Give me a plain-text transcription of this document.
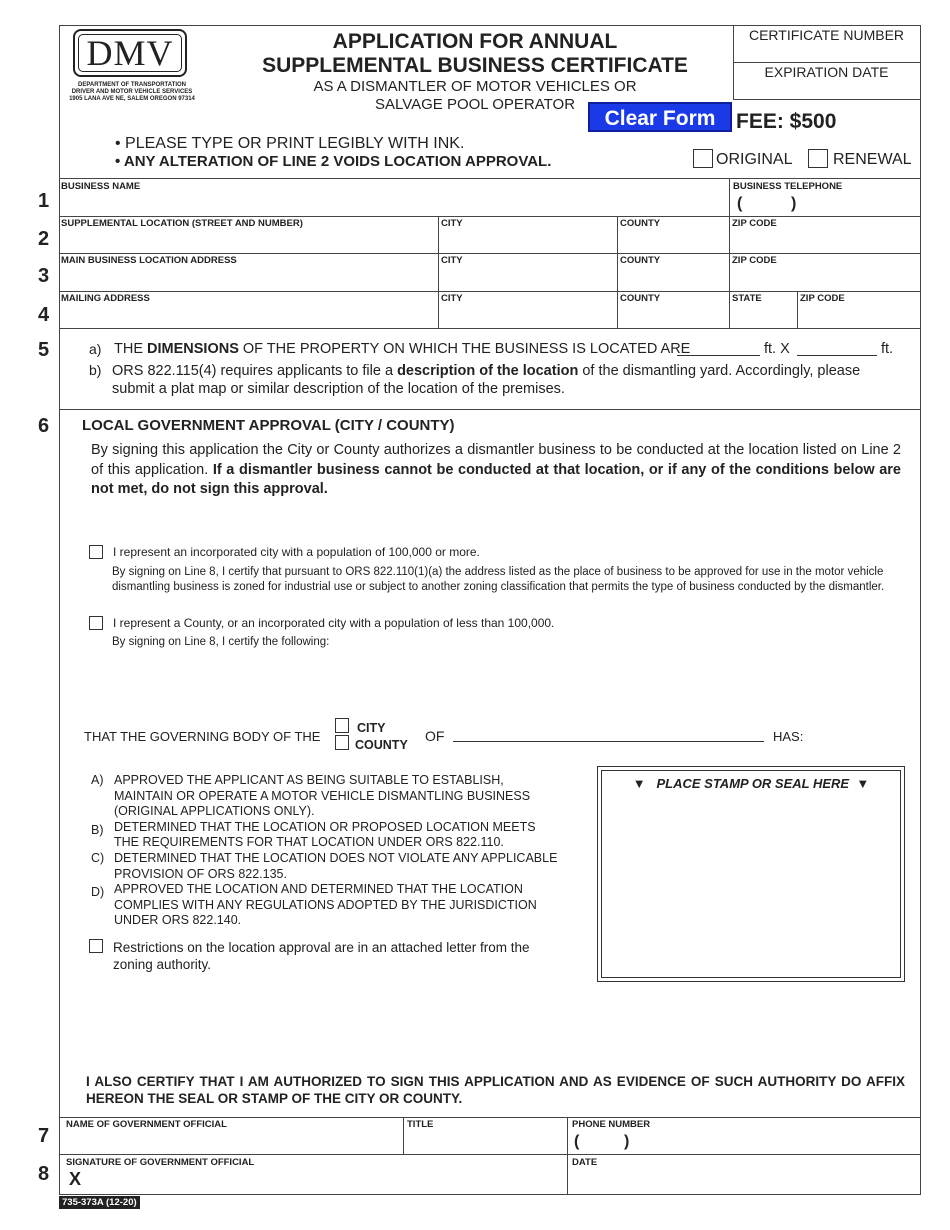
DMV
DEPARTMENT OF TRANSPORTATION
DRIVER AND MOTOR VEHICLE SERVICES
1905 LANA AVE NE, SALEM OREGON 97314
APPLICATION FOR ANNUAL
SUPPLEMENTAL BUSINESS CERTIFICATE
AS A DISMANTLER OF MOTOR VEHICLES OR
SALVAGE POOL OPERATOR
Clear Form
CERTIFICATE NUMBER
EXPIRATION DATE
FEE: $500
• PLEASE TYPE OR PRINT LEGIBLY WITH INK.
• ANY ALTERATION OF LINE 2 VOIDS LOCATION APPROVAL.	ORIGINAL	RENEWAL
1
2
3
4
BUSINESS NAME	BUSINESS TELEPHONE
(	)
SUPPLEMENTAL LOCATION (STREET AND NUMBER)	CITY	COUNTY	ZIP CODE
MAIN BUSINESS LOCATION ADDRESS	CITY	COUNTY	ZIP CODE
MAILING ADDRESS	CITY	COUNTY	STATE	ZIP CODE
5	a) THE DIMENSIONS OF THE PROPERTY ON WHICH THE BUSINESS IS LOCATED ARE	ft. X	ft.
b) ORS 822.115(4) requires applicants to file a description of the location of the dismantling yard. Accordingly, please submit a plat map or similar description of the location of the premises.
6 LOCAL GOVERNMENT APPROVAL (CITY / COUNTY)
By signing this application the City or County authorizes a dismantler business to be conducted at the location listed on Line 2 of this application. If a dismantler business cannot be conducted at that location, or if any of the conditions below are not met, do not sign this approval.
I represent an incorporated city with a population of 100,000 or more.
By signing on Line 8, I certify that pursuant to ORS 822.110(1)(a) the address listed as the place of business to be approved for use in the motor vehicle dismantling business is zoned for industrial use or subject to another zoning classification that permits the type of business conducted by the dismantler.
I represent a County, or an incorporated city with a population of less than 100,000.
By signing on Line 8, I certify the following:
THAT THE GOVERNING BODY OF THE
CITY
COUNTY
OF	HAS:
A) APPROVED THE APPLICANT AS BEING SUITABLE TO ESTABLISH, MAINTAIN OR OPERATE A MOTOR VEHICLE DISMANTLING BUSINESS (ORIGINAL APPLICATIONS ONLY).
B) DETERMINED THAT THE LOCATION OR PROPOSED LOCATION MEETS THE REQUIREMENTS FOR THAT LOCATION UNDER ORS 822.110.
C) DETERMINED THAT THE LOCATION DOES NOT VIOLATE ANY APPLICABLE PROVISION OF ORS 822.135.
D) APPROVED THE LOCATION AND DETERMINED THAT THE LOCATION COMPLIES WITH ANY REGULATIONS ADOPTED BY THE JURISDICTION UNDER ORS 822.140.
Restrictions on the location approval are in an attached letter from the zoning authority.
▼   PLACE STAMP OR SEAL HERE  ▼
I ALSO CERTIFY THAT I AM AUTHORIZED TO SIGN THIS APPLICATION AND AS EVIDENCE OF SUCH AUTHORITY DO AFFIX HEREON THE SEAL OR STAMP OF THE CITY OR COUNTY.
7
8
NAME OF GOVERNMENT OFFICIAL	TITLE	PHONE NUMBER
(	)
SIGNATURE OF GOVERNMENT OFFICIAL
X
DATE
735-373A (12-20)
